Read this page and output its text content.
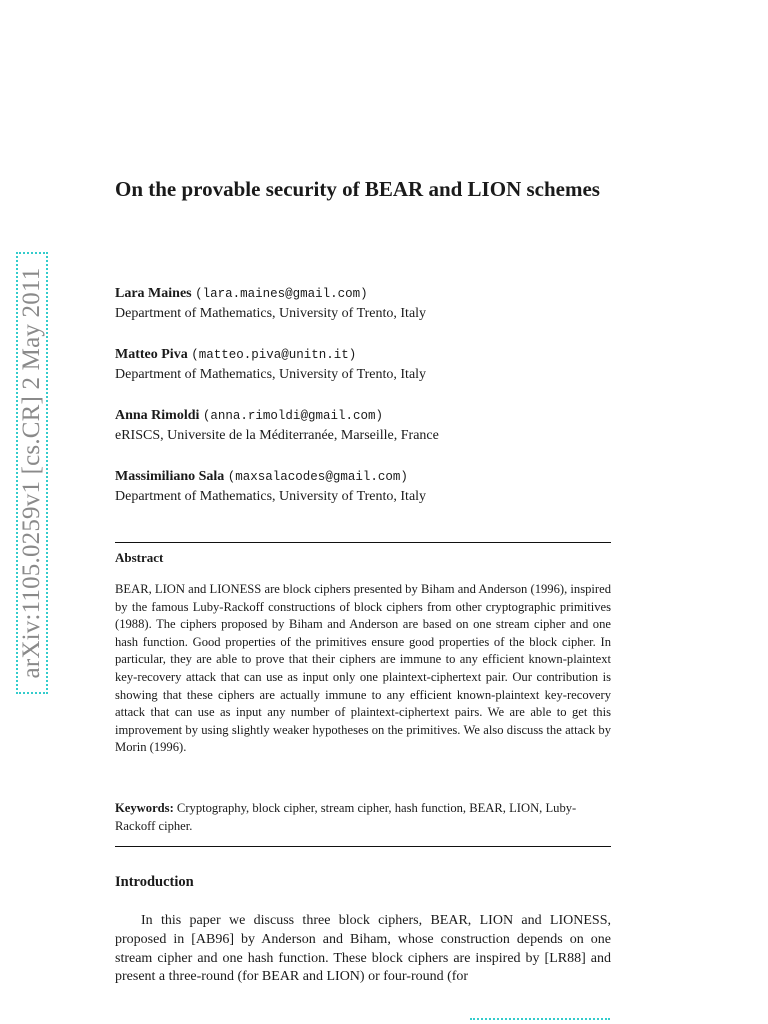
arXiv:1105.0259v1 [cs.CR] 2 May 2011
On the provable security of BEAR and LION schemes
Lara Maines (lara.maines@gmail.com)
Department of Mathematics, University of Trento, Italy
Matteo Piva (matteo.piva@unitn.it)
Department of Mathematics, University of Trento, Italy
Anna Rimoldi (anna.rimoldi@gmail.com)
eRISCS, Universite de la Méditerranée, Marseille, France
Massimiliano Sala (maxsalacodes@gmail.com)
Department of Mathematics, University of Trento, Italy
Abstract

BEAR, LION and LIONESS are block ciphers presented by Biham and Anderson (1996), inspired by the famous Luby-Rackoff constructions of block ciphers from other cryptographic primitives (1988). The ciphers proposed by Biham and Anderson are based on one stream cipher and one hash function. Good properties of the primitives ensure good properties of the block cipher. In particular, they are able to prove that their ciphers are immune to any efficient known-plaintext key-recovery attack that can use as input only one plaintext-ciphertext pair. Our contribution is showing that these ciphers are actually immune to any efficient known-plaintext key-recovery attack that can use as input any number of plaintext-ciphertext pairs. We are able to get this improvement by using slightly weaker hypotheses on the primitives. We also discuss the attack by Morin (1996).

Keywords: Cryptography, block cipher, stream cipher, hash function, BEAR, LION, Luby-Rackoff cipher.

Introduction

In this paper we discuss three block ciphers, BEAR, LION and LIONESS, proposed in [AB96] by Anderson and Biham, whose construction depends on one stream cipher and one hash function. These block ciphers are inspired by [LR88] and present a three-round (for BEAR and LION) or four-round (for
